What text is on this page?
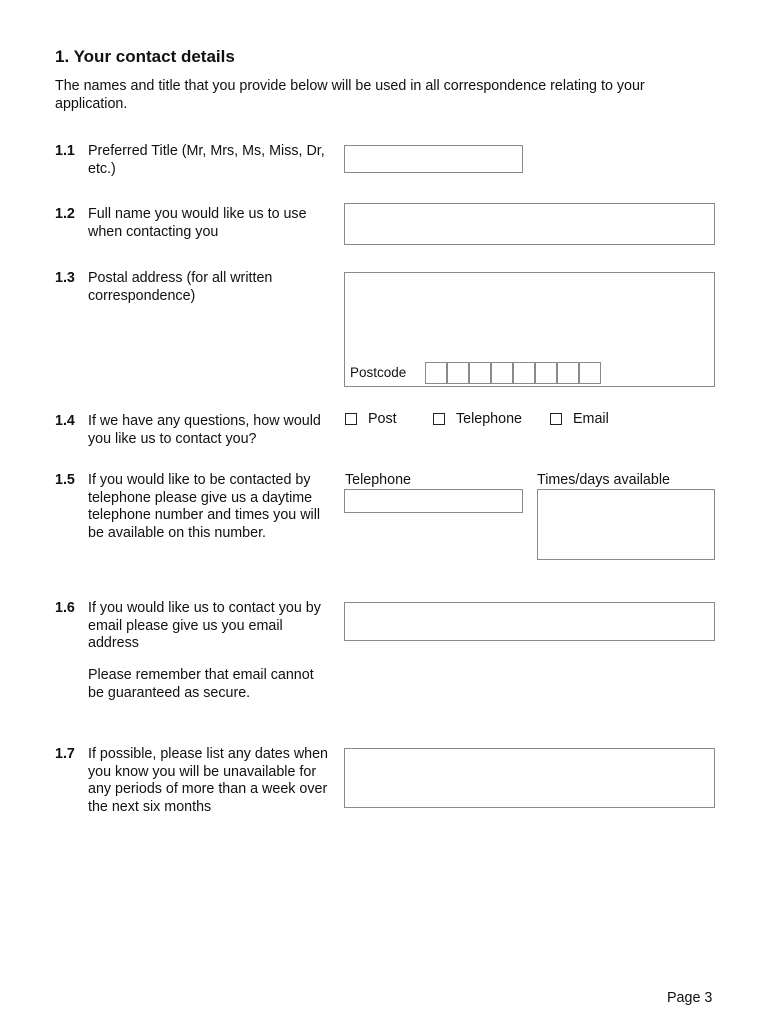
1. Your contact details
The names and title that you provide below will be used in all correspondence relating to your application.
1.1 Preferred Title (Mr, Mrs, Ms, Miss, Dr, etc.)
1.2 Full name you would like us to use when contacting you
1.3 Postal address (for all written correspondence)
Postcode
1.4 If we have any questions, how would you like us to contact you?
Post	Telephone	Email
1.5 If you would like to be contacted by telephone please give us a daytime telephone number and times you will be available on this number.
Telephone	Times/days available
1.6 If you would like us to contact you by email please give us you email address
Please remember that email cannot be guaranteed as secure.
1.7 If possible, please list any dates when you know you will be unavailable for any periods of more than a week over the next six months
Page 3
